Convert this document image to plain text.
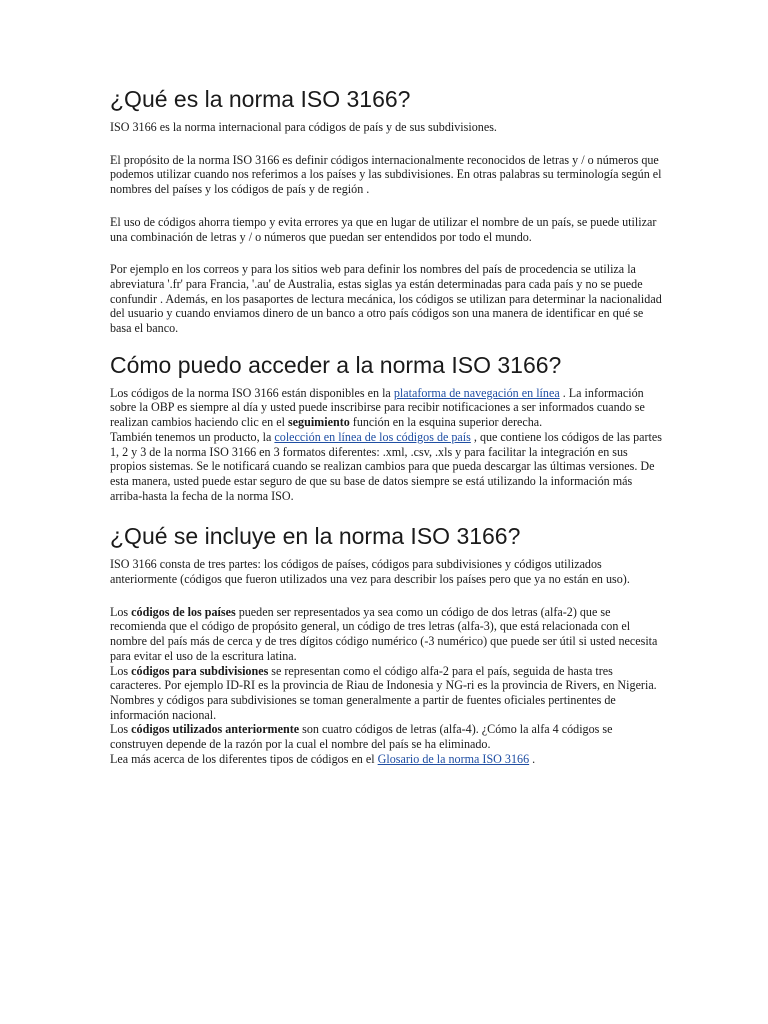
¿Qué es la norma ISO 3166?

ISO 3166 es la norma internacional para códigos de país y de sus subdivisiones.

El propósito de la norma ISO 3166 es definir códigos internacionalmente reconocidos de letras y / o números que podemos utilizar cuando nos referimos a los países y las subdivisiones. En otras palabras su terminología según el nombres del países y los códigos de país y de región .

El uso de códigos ahorra tiempo y evita errores ya que en lugar de utilizar el nombre de un país, se puede utilizar una combinación de letras y / o números que puedan ser entendidos por todo el mundo.

Por ejemplo en los correos y para los sitios web para definir los nombres del país de procedencia se utiliza la abreviatura '.fr' para Francia, '.au' de Australia, estas siglas ya están determinadas para cada país y no se puede confundir . Además, en los pasaportes de lectura mecánica, los códigos se utilizan para determinar la nacionalidad del usuario y cuando enviamos dinero de un banco a otro país códigos son una manera de identificar en qué se basa el banco.

Cómo puedo acceder a la norma ISO 3166?

Los códigos de la norma ISO 3166 están disponibles en la plataforma de navegación en línea . La información sobre la OBP es siempre al día y usted puede inscribirse para recibir notificaciones a ser informados cuando se realizan cambios haciendo clic en el seguimiento función en la esquina superior derecha.

También tenemos un producto, la colección en línea de los códigos de país , que contiene los códigos de las partes 1, 2 y 3 de la norma ISO 3166 en 3 formatos diferentes: .xml, .csv, .xls y para facilitar la integración en sus propios sistemas. Se le notificará cuando se realizan cambios para que pueda descargar las últimas versiones. De esta manera, usted puede estar seguro de que su base de datos siempre se está utilizando la información más arriba-hasta la fecha de la norma ISO.

¿Qué se incluye en la norma ISO 3166?

ISO 3166 consta de tres partes: los códigos de países, códigos para subdivisiones y códigos utilizados anteriormente (códigos que fueron utilizados una vez para describir los países pero que ya no están en uso).

Los códigos de los países pueden ser representados ya sea como un código de dos letras (alfa-2) que se recomienda que el código de propósito general, un código de tres letras (alfa-3), que está relacionada con el nombre del país más de cerca y de tres dígitos código numérico (-3 numérico) que puede ser útil si usted necesita para evitar el uso de la escritura latina.

Los códigos para subdivisiones se representan como el código alfa-2 para el país, seguida de hasta tres caracteres. Por ejemplo ID-RI es la provincia de Riau de Indonesia y NG-ri es la provincia de Rivers, en Nigeria. Nombres y códigos para subdivisiones se toman generalmente a partir de fuentes oficiales pertinentes de información nacional.

Los códigos utilizados anteriormente son cuatro códigos de letras (alfa-4). ¿Cómo la alfa 4 códigos se construyen depende de la razón por la cual el nombre del país se ha eliminado.

Lea más acerca de los diferentes tipos de códigos en el Glosario de la norma ISO 3166 .
